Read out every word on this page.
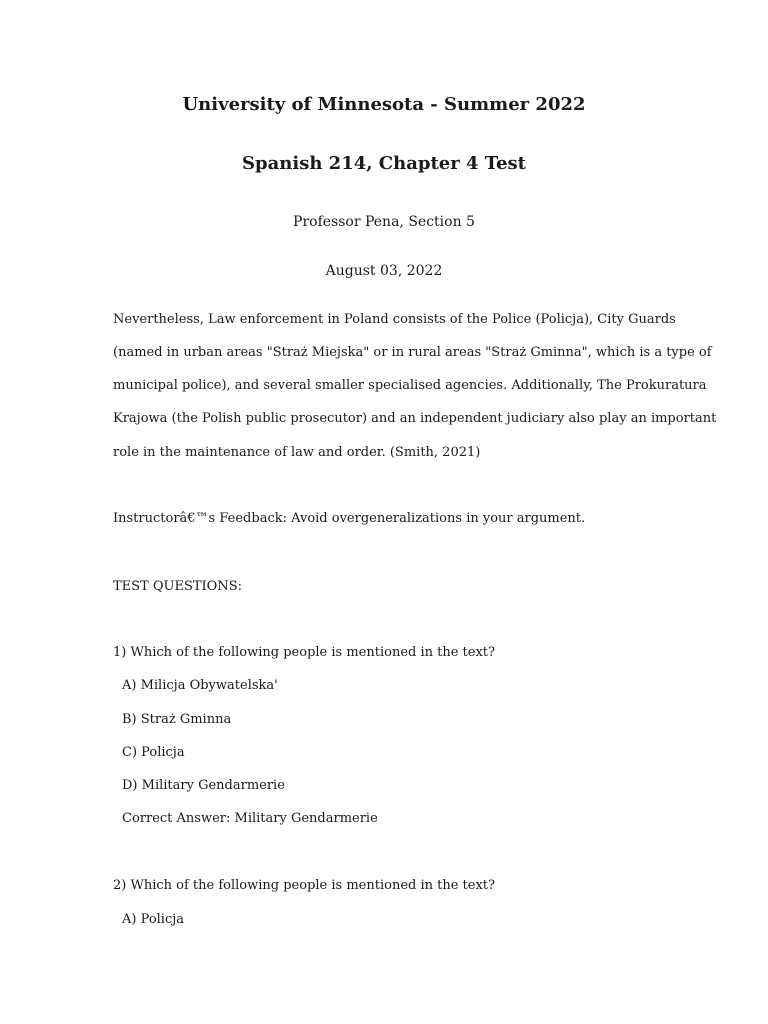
University of Minnesota - Summer 2022
Spanish 214, Chapter 4 Test
Professor Pena, Section 5
August 03, 2022
Nevertheless, Law enforcement in Poland consists of the Police (Policja), City Guards
(named in urban areas "Straż Miejska" or in rural areas "Straż Gminna", which is a type of
municipal police), and several smaller specialised agencies. Additionally, The Prokuratura
Krajowa (the Polish public prosecutor) and an independent judiciary also play an important
role in the maintenance of law and order. (Smith, 2021)
Instructorâ€™s Feedback: Avoid overgeneralizations in your argument.
TEST QUESTIONS:
1) Which of the following people is mentioned in the text?
A) Milicja Obywatelska'
B) Straż Gminna
C) Policja
D) Military Gendarmerie
Correct Answer: Military Gendarmerie
2) Which of the following people is mentioned in the text?
A) Policja
